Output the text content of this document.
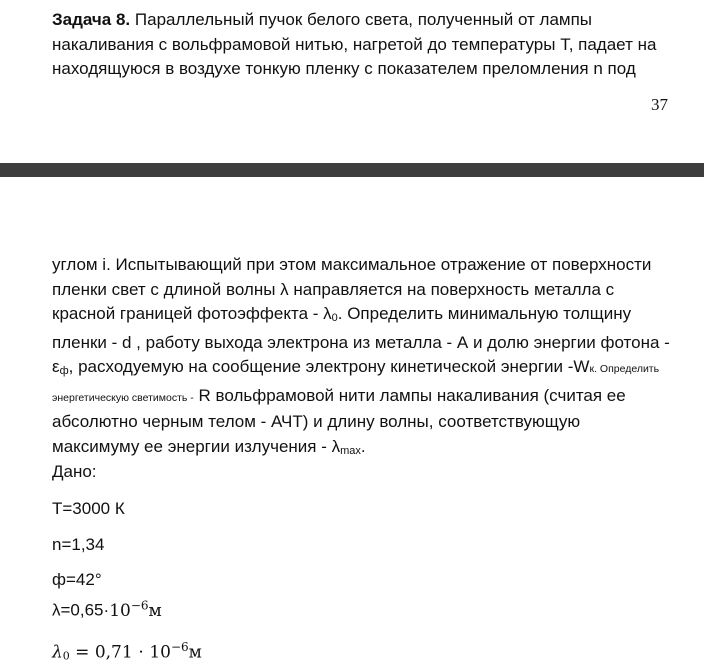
Задача 8. Параллельный пучок белого света, полученный от лампы
накаливания с вольфрамовой нитью, нагретой до температуры Т, падает на
находящуюся в воздухе тонкую пленку с показателем преломления n под

37

углом i. Испытывающий при этом максимальное отражение от поверхности
пленки свет с длиной волны λ направляется на поверхность металла с
красной границей фотоэффекта - λ0. Определить минимальную толщину
пленки - d , работу выхода электрона из металла - А и долю энергии фотона -
εф, расходуемую на сообщение электрону кинетической энергии -Wк. Определить
энергетическую светимость - R вольфрамовой нити лампы накаливания (считая ее
абсолютно черным телом - АЧТ) и длину волны, соответствующую
максимуму ее энергии излучения - λmax.

Дано:
T=3000 К
n=1,34
ф=42°
$\lambda=0,65\cdot 10^{-6}м$
$\lambda 0 = 0,71 \cdot 10^{-6}м$
